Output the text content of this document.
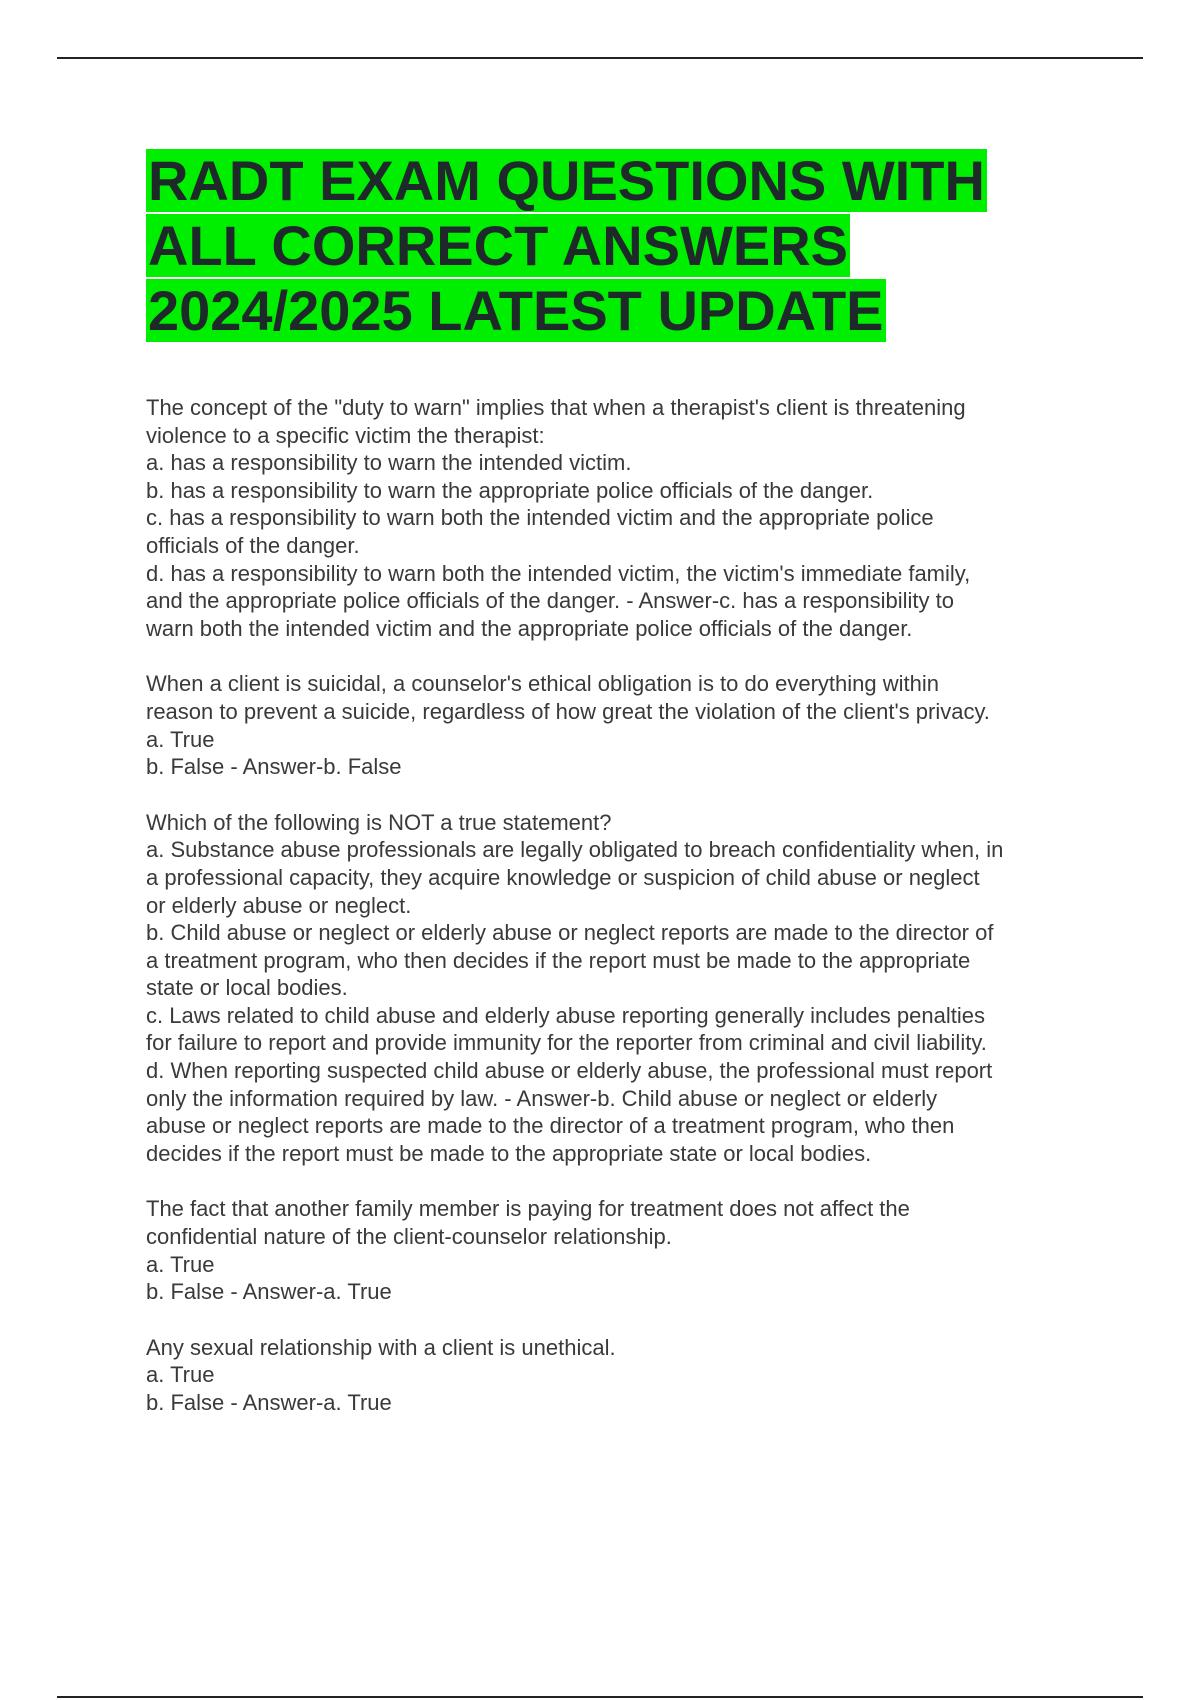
RADT EXAM QUESTIONS WITH
ALL CORRECT ANSWERS
2024/2025 LATEST UPDATE
The concept of the "duty to warn" implies that when a therapist's client is threatening
violence to a specific victim the therapist:
a. has a responsibility to warn the intended victim.
b. has a responsibility to warn the appropriate police officials of the danger.
c. has a responsibility to warn both the intended victim and the appropriate police
officials of the danger.
d. has a responsibility to warn both the intended victim, the victim's immediate family,
and the appropriate police officials of the danger. - Answer-c. has a responsibility to
warn both the intended victim and the appropriate police officials of the danger.
When a client is suicidal, a counselor's ethical obligation is to do everything within
reason to prevent a suicide, regardless of how great the violation of the client's privacy.
a. True
b. False - Answer-b. False
Which of the following is NOT a true statement?
a. Substance abuse professionals are legally obligated to breach confidentiality when, in
a professional capacity, they acquire knowledge or suspicion of child abuse or neglect
or elderly abuse or neglect.
b. Child abuse or neglect or elderly abuse or neglect reports are made to the director of
a treatment program, who then decides if the report must be made to the appropriate
state or local bodies.
c. Laws related to child abuse and elderly abuse reporting generally includes penalties
for failure to report and provide immunity for the reporter from criminal and civil liability.
d. When reporting suspected child abuse or elderly abuse, the professional must report
only the information required by law. - Answer-b. Child abuse or neglect or elderly
abuse or neglect reports are made to the director of a treatment program, who then
decides if the report must be made to the appropriate state or local bodies.
The fact that another family member is paying for treatment does not affect the
confidential nature of the client-counselor relationship.
a. True
b. False - Answer-a. True
Any sexual relationship with a client is unethical.
a. True
b. False - Answer-a. True
